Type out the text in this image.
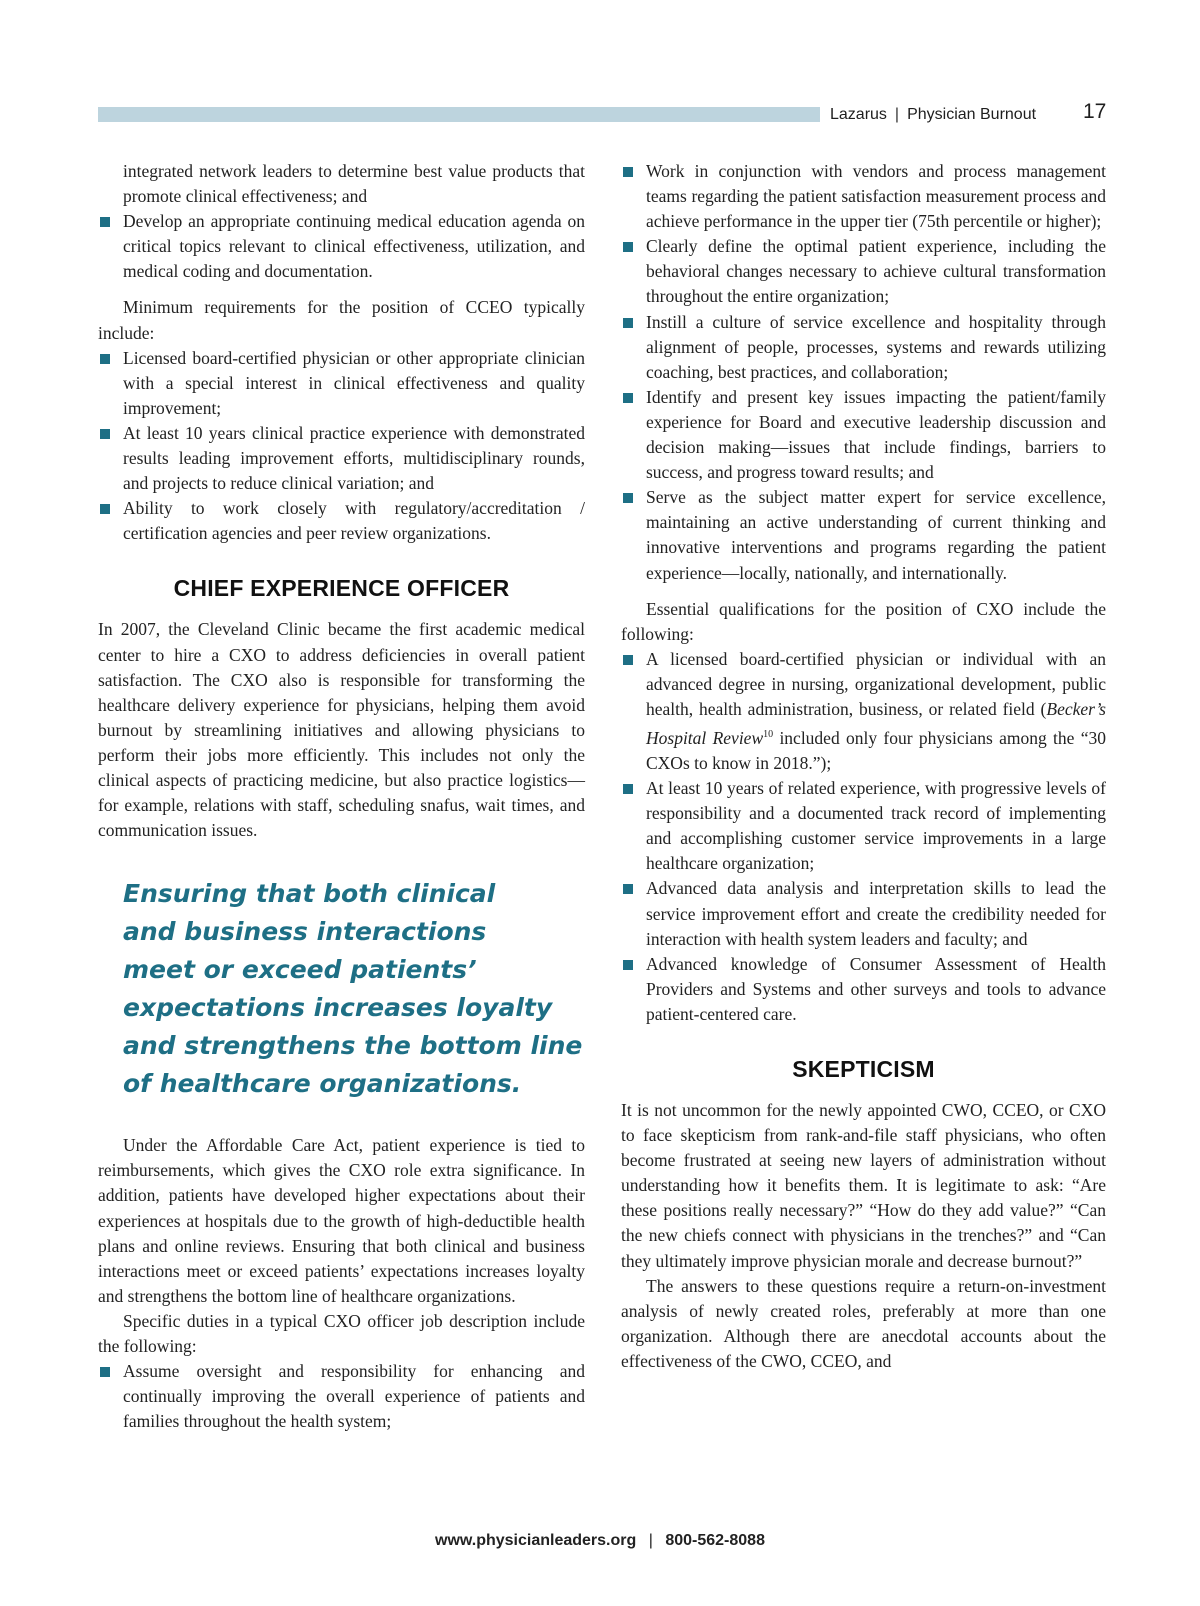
Lazarus | Physician Burnout 17

integrated network leaders to determine best value products that promote clinical effectiveness; and

Develop an appropriate continuing medical education agenda on critical topics relevant to clinical effectiveness, utilization, and medical coding and documentation.

Minimum requirements for the position of CCEO typically include:

Licensed board-certified physician or other appropriate clinician with a special interest in clinical effectiveness and quality improvement;
At least 10 years clinical practice experience with demonstrated results leading improvement efforts, multidisciplinary rounds, and projects to reduce clinical variation; and
Ability to work closely with regulatory/accreditation / certification agencies and peer review organizations.
CHIEF EXPERIENCE OFFICER

In 2007, the Cleveland Clinic became the first academic medical center to hire a CXO to address deficiencies in overall patient satisfaction. The CXO also is responsible for transforming the healthcare delivery experience for physicians, helping them avoid burnout by streamlining initiatives and allowing physicians to perform their jobs more efficiently. This includes not only the clinical aspects of practicing medicine, but also practice logistics—for example, relations with staff, scheduling snafus, wait times, and communication issues.

Ensuring that both clinical
and business interactions
meet or exceed patients’
expectations increases loyalty
and strengthens the bottom line
of healthcare organizations.

Under the Affordable Care Act, patient experience is tied to reimbursements, which gives the CXO role extra significance. In addition, patients have developed higher expectations about their experiences at hospitals due to the growth of high-deductible health plans and online reviews. Ensuring that both clinical and business interactions meet or exceed patients’ expectations increases loyalty and strengthens the bottom line of healthcare organizations.

Specific duties in a typical CXO officer job description include the following:

Assume oversight and responsibility for enhancing and continually improving the overall experience of patients and families throughout the health system;
Work in conjunction with vendors and process management teams regarding the patient satisfaction measurement process and achieve performance in the upper tier (75th percentile or higher);
Clearly define the optimal patient experience, including the behavioral changes necessary to achieve cultural transformation throughout the entire organization;
Instill a culture of service excellence and hospitality through alignment of people, processes, systems and rewards utilizing coaching, best practices, and collaboration;
Identify and present key issues impacting the patient/family experience for Board and executive leadership discussion and decision making—issues that include findings, barriers to success, and progress toward results; and
Serve as the subject matter expert for service excellence, maintaining an active understanding of current thinking and innovative interventions and programs regarding the patient experience—locally, nationally, and internationally.

Essential qualifications for the position of CXO include the following:

A licensed board-certified physician or individual with an advanced degree in nursing, organizational development, public health, health administration, business, or related field (Becker’s Hospital Review$^{10}$ included only four physicians among the “30 CXOs to know in 2018.”);
At least 10 years of related experience, with progressive levels of responsibility and a documented track record of implementing and accomplishing customer service improvements in a large healthcare organization;
Advanced data analysis and interpretation skills to lead the service improvement effort and create the credibility needed for interaction with health system leaders and faculty; and
Advanced knowledge of Consumer Assessment of Health Providers and Systems and other surveys and tools to advance patient-centered care.
SKEPTICISM

It is not uncommon for the newly appointed CWO, CCEO, or CXO to face skepticism from rank-and-file staff physicians, who often become frustrated at seeing new layers of administration without understanding how it benefits them. It is legitimate to ask: “Are these positions really necessary?” “How do they add value?” “Can the new chiefs connect with physicians in the trenches?” and “Can they ultimately improve physician morale and decrease burnout?”

The answers to these questions require a return-on-investment analysis of newly created roles, preferably at more than one organization. Although there are anecdotal accounts about the effectiveness of the CWO, CCEO, and

www.physicianleaders.org | 800-562-8088
